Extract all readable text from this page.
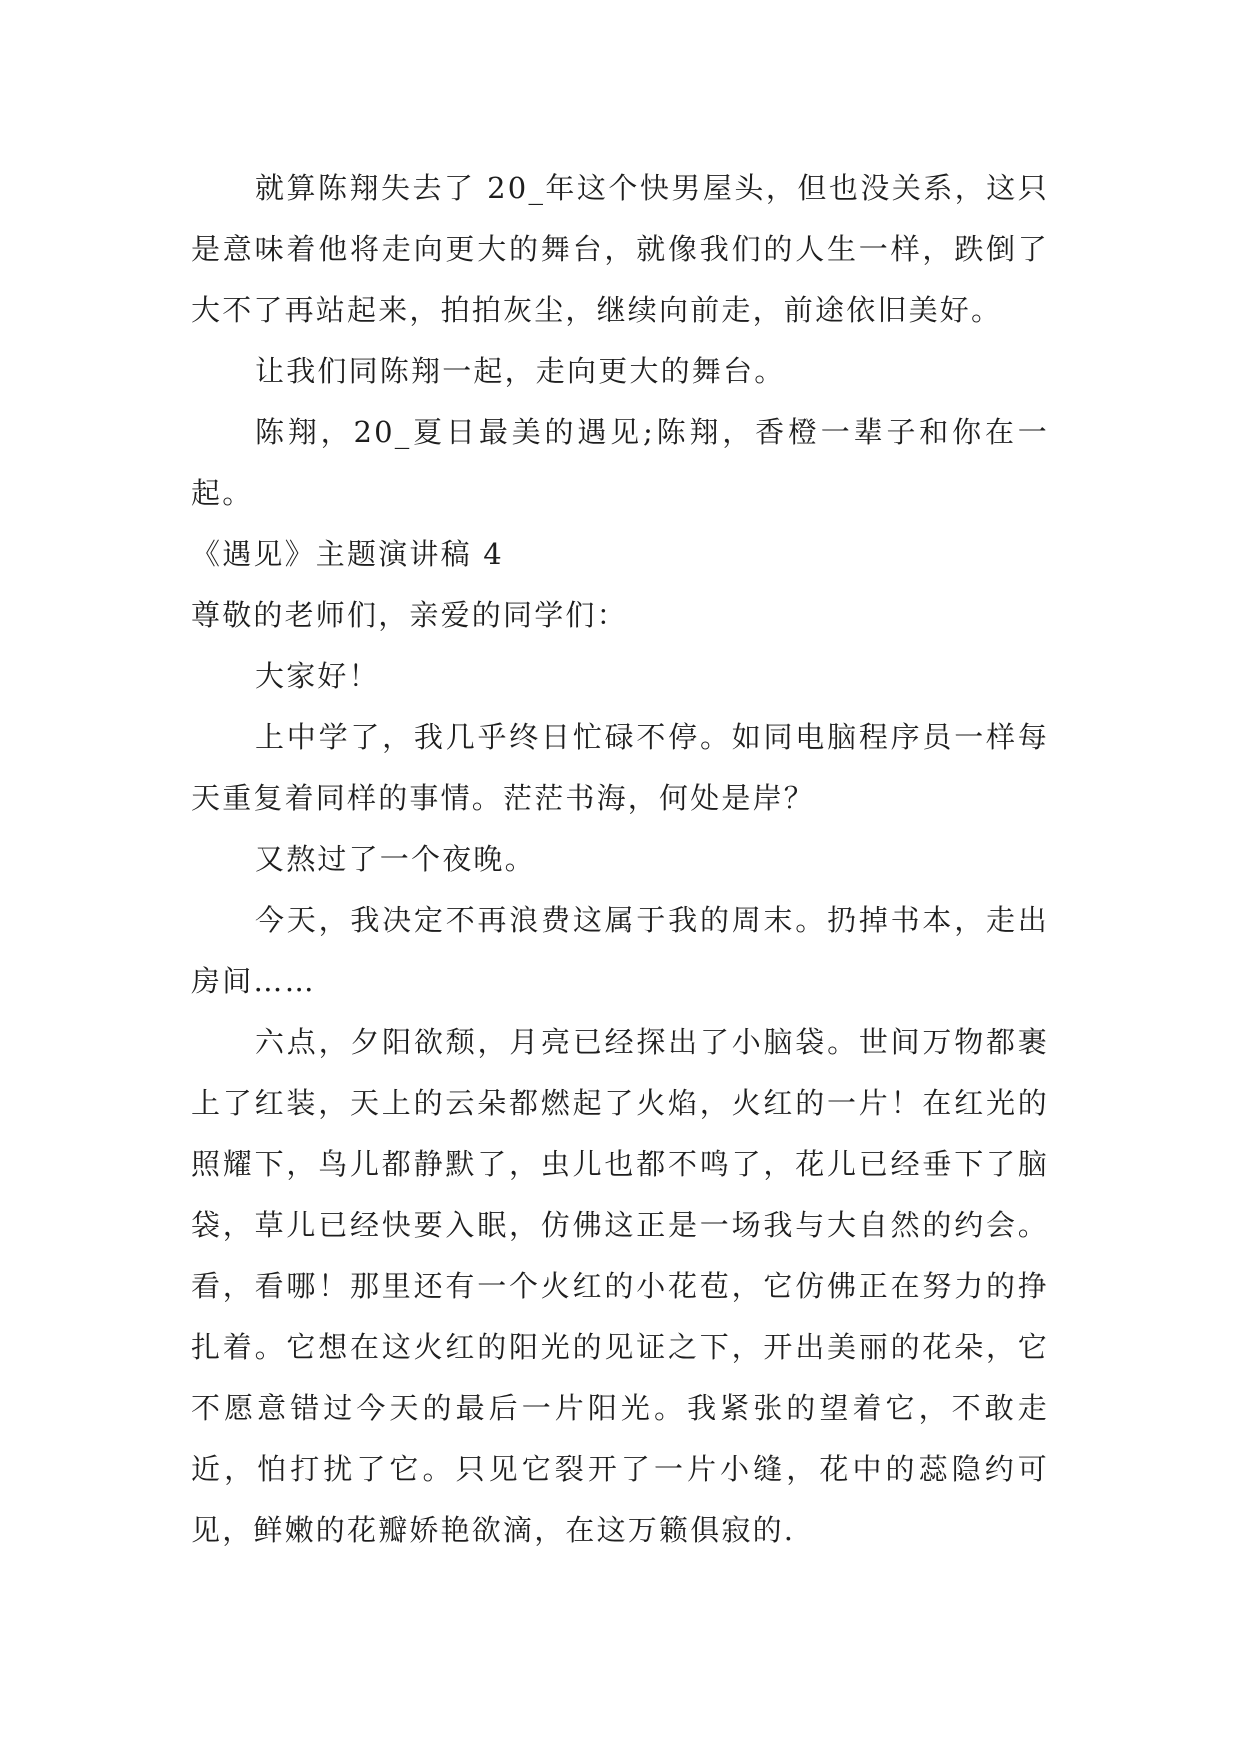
就算陈翔失去了 20_年这个快男屋头，但也没关系，这只是意味着他将走向更大的舞台，就像我们的人生一样，跌倒了大不了再站起来，拍拍灰尘，继续向前走，前途依旧美好。

让我们同陈翔一起，走向更大的舞台。

陈翔，20_夏日最美的遇见;陈翔，香橙一辈子和你在一起。

《遇见》主题演讲稿 4

尊敬的老师们，亲爱的同学们：

大家好！

上中学了，我几乎终日忙碌不停。如同电脑程序员一样每天重复着同样的事情。茫茫书海，何处是岸？

又熬过了一个夜晚。

今天，我决定不再浪费这属于我的周末。扔掉书本，走出房间……

六点，夕阳欲颓，月亮已经探出了小脑袋。世间万物都裹上了红装，天上的云朵都燃起了火焰，火红的一片！在红光的照耀下，鸟儿都静默了，虫儿也都不鸣了，花儿已经垂下了脑袋，草儿已经快要入眠，仿佛这正是一场我与大自然的约会。看，看哪！那里还有一个火红的小花苞，它仿佛正在努力的挣扎着。它想在这火红的阳光的见证之下，开出美丽的花朵，它不愿意错过今天的最后一片阳光。我紧张的望着它，不敢走近，怕打扰了它。只见它裂开了一片小缝，花中的蕊隐约可见，鲜嫩的花瓣娇艳欲滴，在这万籁俱寂的.
